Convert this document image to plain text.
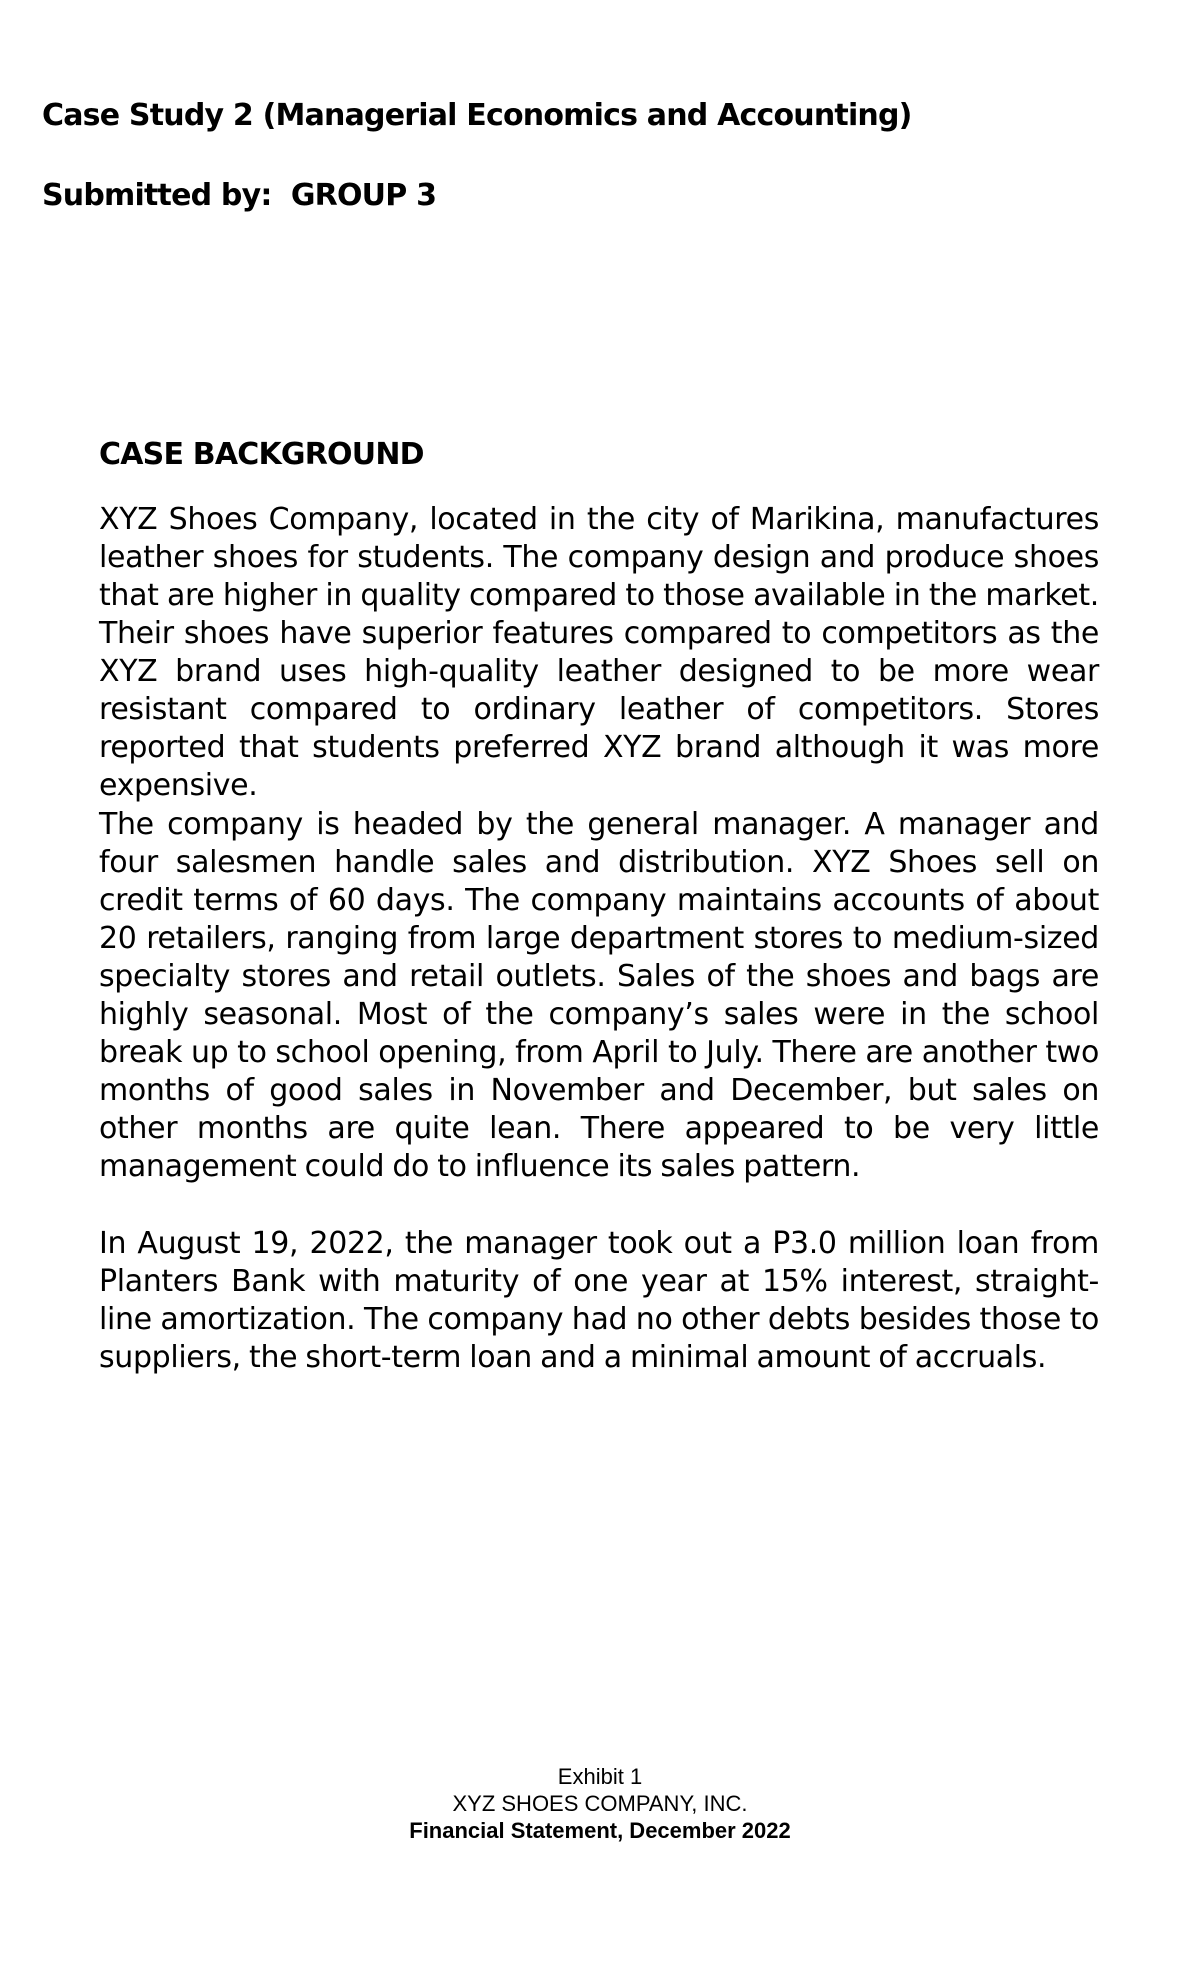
Case Study 2 (Managerial Economics and Accounting)
Submitted by:  GROUP 3
CASE BACKGROUND

XYZ Shoes Company, located in the city of Marikina, manufactures leather shoes for students. The company design and produce shoes that are higher in quality compared to those available in the market. Their shoes have superior features compared to competitors as the XYZ brand uses high-quality leather designed to be more wear resistant compared to ordinary leather of competitors. Stores reported that students preferred XYZ brand although it was more expensive.

The company is headed by the general manager. A manager and four salesmen handle sales and distribution. XYZ Shoes sell on credit terms of 60 days. The company maintains accounts of about 20 retailers, ranging from large department stores to medium-sized specialty stores and retail outlets. Sales of the shoes and bags are highly seasonal. Most of the company’s sales were in the school break up to school opening, from April to July. There are another two months of good sales in November and December, but sales on other months are quite lean. There appeared to be very little management could do to influence its sales pattern.

In August 19, 2022, the manager took out a P3.0 million loan from Planters Bank with maturity of one year at 15% interest, straight-line amortization. The company had no other debts besides those to suppliers, the short-term loan and a minimal amount of accruals.

Exhibit 1
XYZ SHOES COMPANY, INC.
Financial Statement, December 2022
